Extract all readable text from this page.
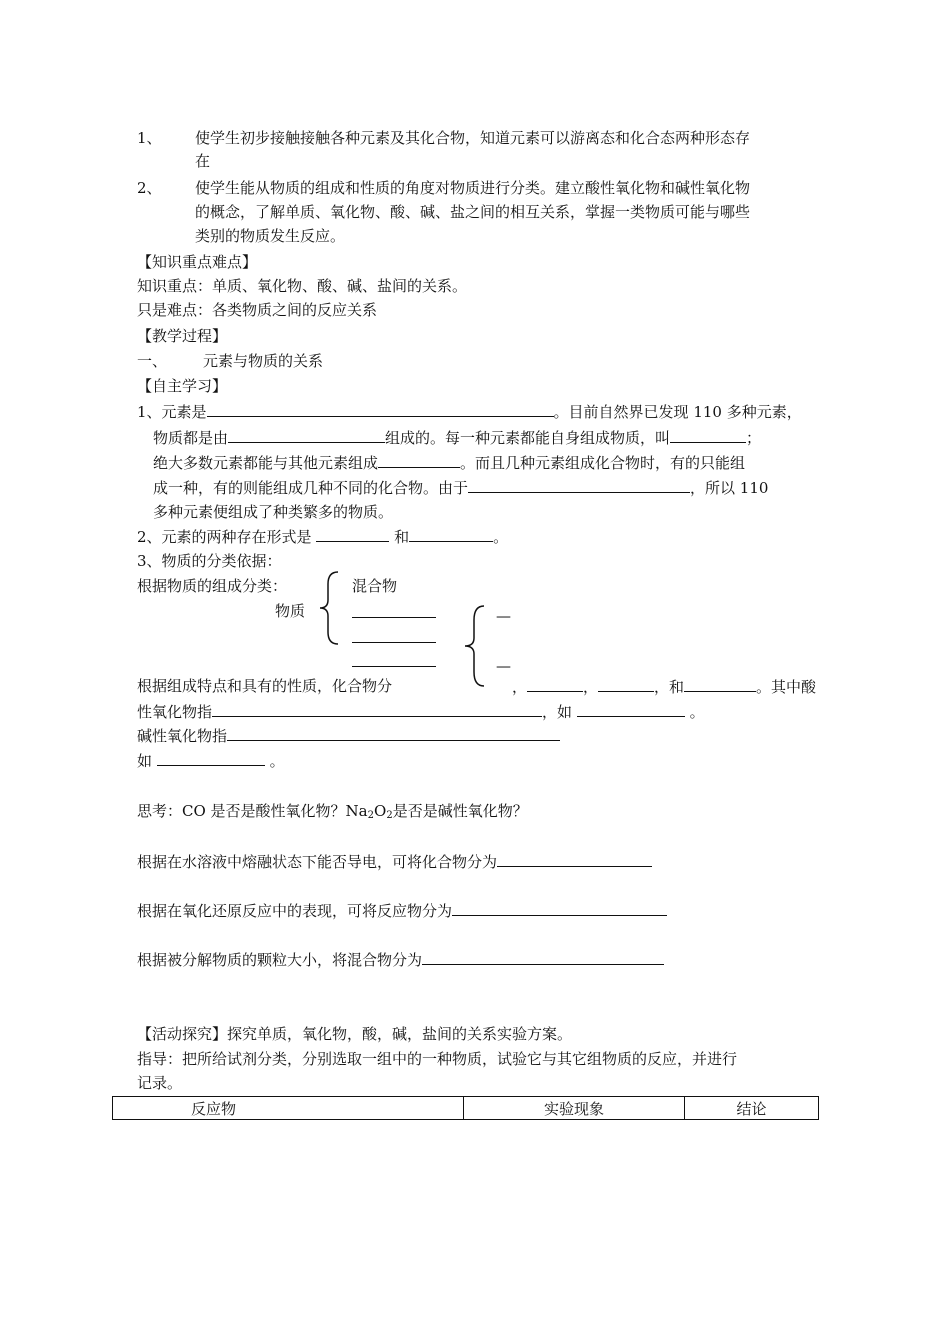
1、 使学生初步接触接触各种元素及其化合物，知道元素可以游离态和化合态两种形态存
在
2、 使学生能从物质的组成和性质的角度对物质进行分类。建立酸性氧化物和碱性氧化物
的概念，了解单质、氧化物、酸、碱、盐之间的相互关系，掌握一类物质可能与哪些
类别的物质发生反应。
【知识重点难点】
知识重点：单质、氧化物、酸、碱、盐间的关系。
只是难点：各类物质之间的反应关系
【教学过程】
一、 元素与物质的关系
【自主学习】
1、元素是	。目前自然界已发现 110 多种元素，
物质都是由	组成的。每一种元素都能自身组成物质，叫	；
绝大多数元素都能与其他元素组成	。而且几种元素组成化合物时，有的只能组
成一种，有的则能组成几种不同的化合物。由于	，所以 110
多种元素便组成了种类繁多的物质。
2、元素的两种存在形式是	和	。
3、物质的分类依据：
根据物质的组成分类：	混合物
物质	—
—
根据组成特点和具有的性质，化合物分	，	，	，和	。其中酸
性氧化物指	，如	。
碱性氧化物指
如	。
思考：CO 是否是酸性氧化物？$Na_2O_2$是否是碱性氧化物？
根据在水溶液中熔融状态下能否导电，可将化合物分为
根据在氧化还原反应中的表现，可将反应物分为
根据被分解物质的颗粒大小，将混合物分为
【活动探究】探究单质，氧化物，酸，碱，盐间的关系实验方案。
指导：把所给试剂分类，分别选取一组中的一种物质，试验它与其它组物质的反应，并进行
记录。
反应物	实验现象	结论
